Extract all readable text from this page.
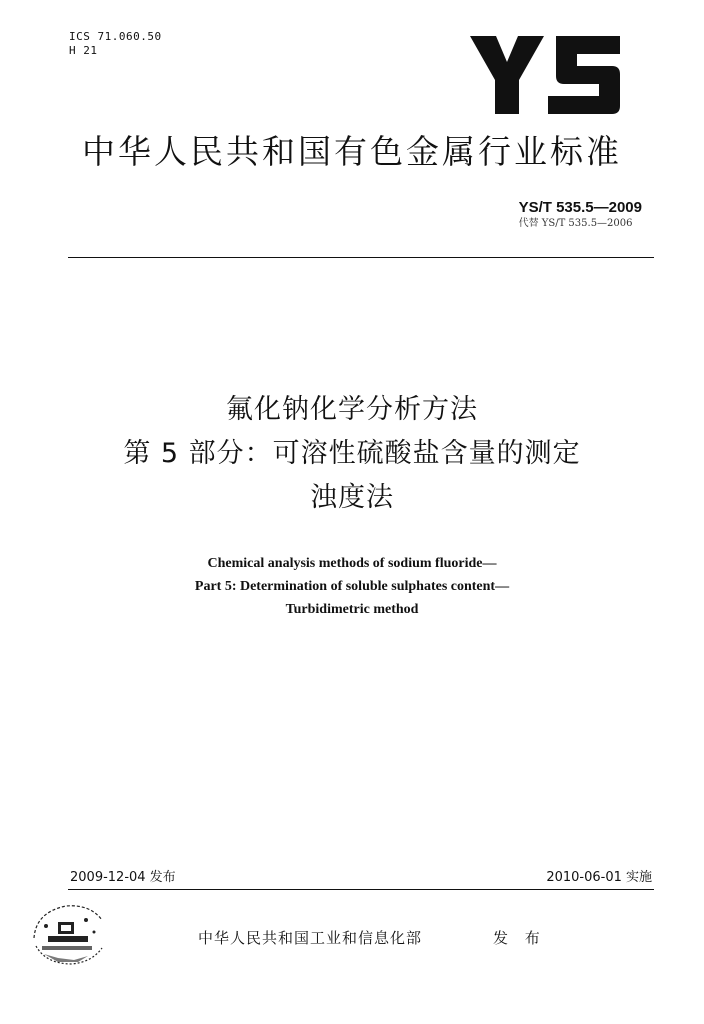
ICS 71.060.50
H 21
中华人民共和国有色金属行业标准
YS/T 535.5—2009
代替 YS/T 535.5—2006
氟化钠化学分析方法
第 5 部分：可溶性硫酸盐含量的测定
浊度法
Chemical analysis methods of sodium fluoride—
Part 5: Determination of soluble sulphates content—
Turbidimetric method
2009-12-04 发布	2010-06-01 实施
中华人民共和国工业和信息化部	发 布
